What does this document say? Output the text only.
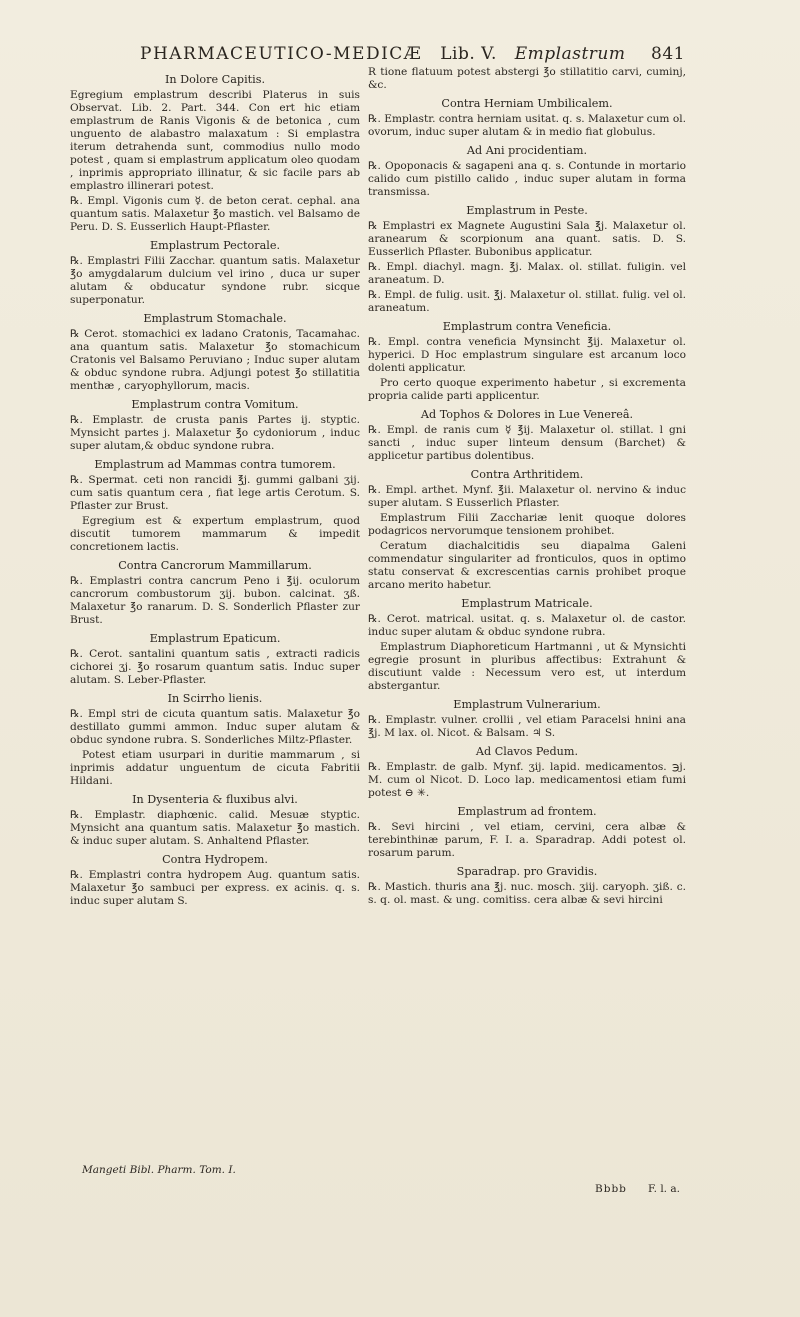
PHARMACEUTICO-MEDICÆ Lib. V. Emplastrum 841
In Dolore Capitis.

Egregium emplastrum describi Platerus in suis Observat. Lib. 2. Part. 344. Con ert hic etiam emplastrum de Ranis Vigonis & de betonica , cum unguento de alabastro malaxatum : Si emplastra iterum detrahenda sunt, commodius nullo modo potest , quam si emplastrum applicatum oleo quodam , inprimis appropriato illinatur, & sic facile pars ab emplastro illinerari potest.

℞. Empl. Vigonis cum ☿. de beton cerat. cephal. ana quantum satis. Malaxetur ℥o mastich. vel Balsamo de Peru. D. S. Eusserlich Haupt-Pflaster.

Emplastrum Pectorale.

℞. Emplastri Filii Zacchar. quantum satis. Malaxetur ℥o amygdalarum dulcium vel irino , duca ur super alutam & obducatur syndone rubr. sicque superponatur.

Emplastrum Stomachale.

℞ Cerot. stomachici ex ladano Cratonis, Tacamahac. ana quantum satis. Malaxetur ℥o stomachicum Cratonis vel Balsamo Peruviano ; Induc super alutam & obduc syndone rubra. Adjungi potest ℥o stillatitia menthæ , caryophyllorum, macis.

Emplastrum contra Vomitum.

℞. Emplastr. de crusta panis Partes ij. styptic. Mynsicht partes j. Malaxetur ℥o cydoniorum , induc super alutam,& obduc syndone rubra.

Emplastrum ad Mammas contra tumorem.

℞. Spermat. ceti non rancidi ℥j. gummi galbani ʒij. cum satis quantum cera , fiat lege artis Cerotum. S. Pflaster zur Brust.

Egregium est & expertum emplastrum, quod discutit tumorem mammarum & impedit concretionem lactis.

Contra Cancrorum Mammillarum.

℞. Emplastri contra cancrum Peno i ℥ij. oculorum cancrorum combustorum ʒij. bubon. calcinat. ʒß. Malaxetur ℥o ranarum. D. S. Sonderlich Pflaster zur Brust.

Emplastrum Epaticum.

℞. Cerot. santalini quantum satis , extracti radicis cichorei ʒj. ℥o rosarum quantum satis. Induc super alutam. S. Leber-Pflaster.

In Scirrho lienis.

℞. Empl stri de cicuta quantum satis. Malaxetur ℥o destillato gummi ammon. Induc super alutam & obduc syndone rubra. S. Sonderliches Miltz-Pflaster.

Potest etiam usurpari in duritie mammarum , si inprimis addatur unguentum de cicuta Fabritii Hildani.

In Dysenteria & fluxibus alvi.

℞. Emplastr. diaphœnic. calid. Mesuæ styptic. Mynsicht ana quantum satis. Malaxetur ℥o mastich. & induc super alutam. S. Anhaltend Pflaster.

Contra Hydropem.

℞. Emplastri contra hydropem Aug. quantum satis. Malaxetur ℥o sambuci per express. ex acinis. q. s. induc super alutam S.

R tione flatuum potest abstergi ℥o stillatitio carvi, cuminj, &c.

Contra Herniam Umbilicalem.

℞. Emplastr. contra herniam usitat. q. s. Malaxetur cum ol. ovorum, induc super alutam & in medio fiat globulus.

Ad Ani procidentiam.

℞. Opoponacis & sagapeni ana q. s. Contunde in mortario calido cum pistillo calido , induc super alutam in forma transmissa.

Emplastrum in Peste.

℞ Emplastri ex Magnete Augustini Sala ℥j. Malaxetur ol. aranearum & scorpionum ana quant. satis. D. S. Eusserlich Pflaster. Bubonibus applicatur.

℞. Empl. diachyl. magn. ℥j. Malax. ol. stillat. fuligin. vel araneatum. D.

℞. Empl. de fulig. usit. ℥j. Malaxetur ol. stillat. fulig. vel ol. araneatum.

Emplastrum contra Veneficia.

℞. Empl. contra veneficia Mynsincht ℥ij. Malaxetur ol. hyperici. D Hoc emplastrum singulare est arcanum loco dolenti applicatur.

Pro certo quoque experimento habetur , si excrementa propria calide parti applicentur.

Ad Tophos & Dolores in Lue Venereâ.

℞. Empl. de ranis cum ☿ ℥ij. Malaxetur ol. stillat. l gni sancti , induc super linteum densum (Barchet) & applicetur partibus dolentibus.

Contra Arthritidem.

℞. Empl. arthet. Mynf. ℥ii. Malaxetur ol. nervino & induc super alutam. S Eusserlich Pflaster.

Emplastrum Filii Zacchariæ lenit quoque dolores podagricos nervorumque tensionem prohibet.

Ceratum diachalcitidis seu diapalma Galeni commendatur singulariter ad fronticulos, quos in optimo statu conservat & excrescentias carnis prohibet proque arcano merito habetur.

Emplastrum Matricale.

℞. Cerot. matrical. usitat. q. s. Malaxetur ol. de castor. induc super alutam & obduc syndone rubra.

Emplastrum Diaphoreticum Hartmanni , ut & Mynsichti egregie prosunt in pluribus affectibus: Extrahunt & discutiunt valde : Necessum vero est, ut interdum abstergantur.

Emplastrum Vulnerarium.

℞. Emplastr. vulner. crollii , vel etiam Paracelsi hnini ana ℥j. M lax. ol. Nicot. & Balsam. ♃ S.

Ad Clavos Pedum.

℞. Emplastr. de galb. Mynf. ʒij. lapid. medicamentos. ℈j. M. cum ol Nicot. D. Loco lap. medicamentosi etiam fumi potest ⊖ ✳.

Emplastrum ad frontem.

℞. Sevi hircini , vel etiam, cervini, cera albæ & terebinthinæ parum, F. I. a. Sparadrap. Addi potest ol. rosarum parum.

Sparadrap. pro Gravidis.

℞. Mastich. thuris ana ℥j. nuc. mosch. ʒiij. caryoph. ʒiß. c. s. q. ol. mast. & ung. comitiss. cera albæ & sevi hircini

Mangeti Bibl. Pharm. Tom. I.
Bbbb F. l. a.
